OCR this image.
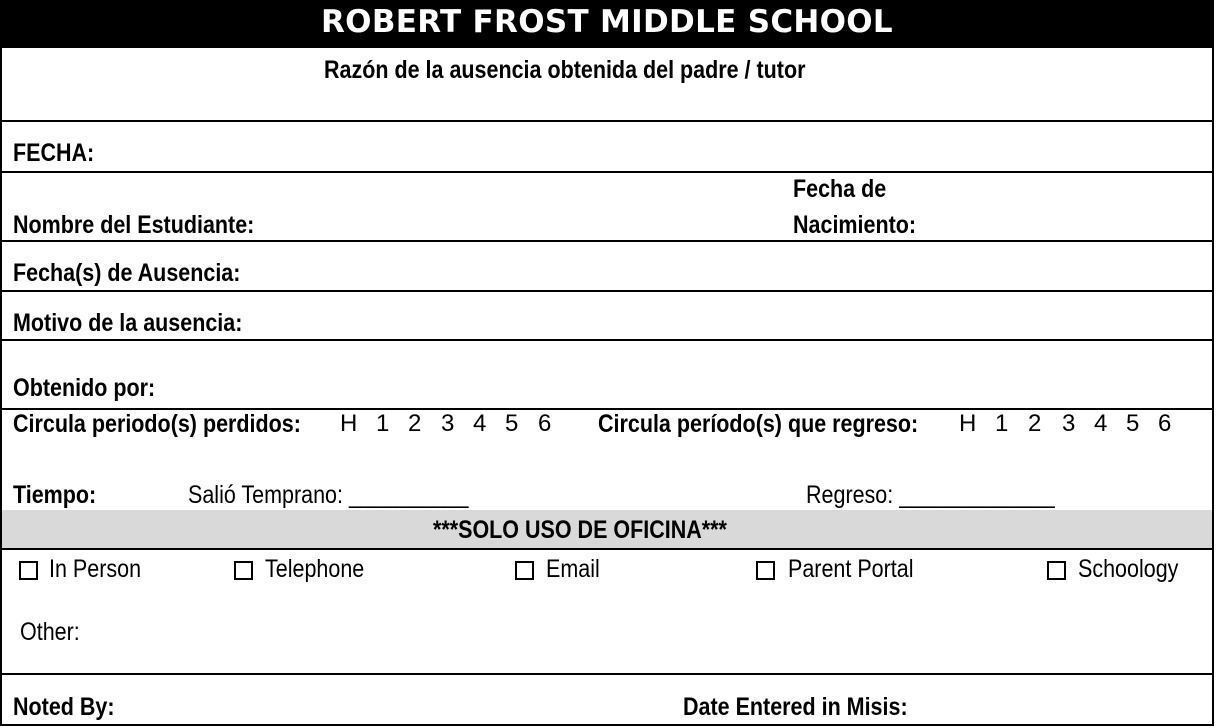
ROBERT FROST MIDDLE SCHOOL
Razón de la ausencia obtenida del padre / tutor
FECHA:
Nombre del Estudiante:
Fecha de
Nacimiento:
Fecha(s) de Ausencia:
Motivo de la ausencia:
Obtenido por:
Circula periodo(s) perdidos: H 1 2 3 4 5 6 Circula período(s) que regreso: H 1 2 3 4 5 6
Tiempo:	Salió Temprano: __________	Regreso: _____________
***SOLO USO DE OFICINA***
In Person	Telephone	Email	Parent Portal	Schoology
Other:
Noted By:	Date Entered in Misis:
